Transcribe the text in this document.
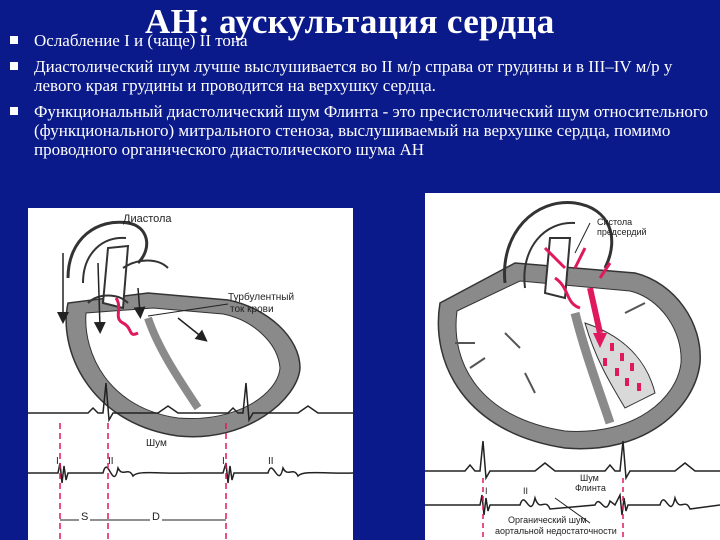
АН: аускультация сердца
Ослабление I и (чаще) II тона
Диастолический шум лучше выслушивается во II м/р справа от грудины и в III–IV м/р у левого края грудины и проводится на верхушку сердца.
Функциональный диастолический шум Флинта - это пресистолический шум относительного (функционального) митрального стеноза, выслушиваемый на верхушке сердца, помимо проводного органического диастолического шума АН
Диастола
Турбулентный
ток крови
Шум
I	II	I	II
S	D
Систола
предсердий
Шум
Флинта
Органический шум
аортальной недостаточности
I	II
